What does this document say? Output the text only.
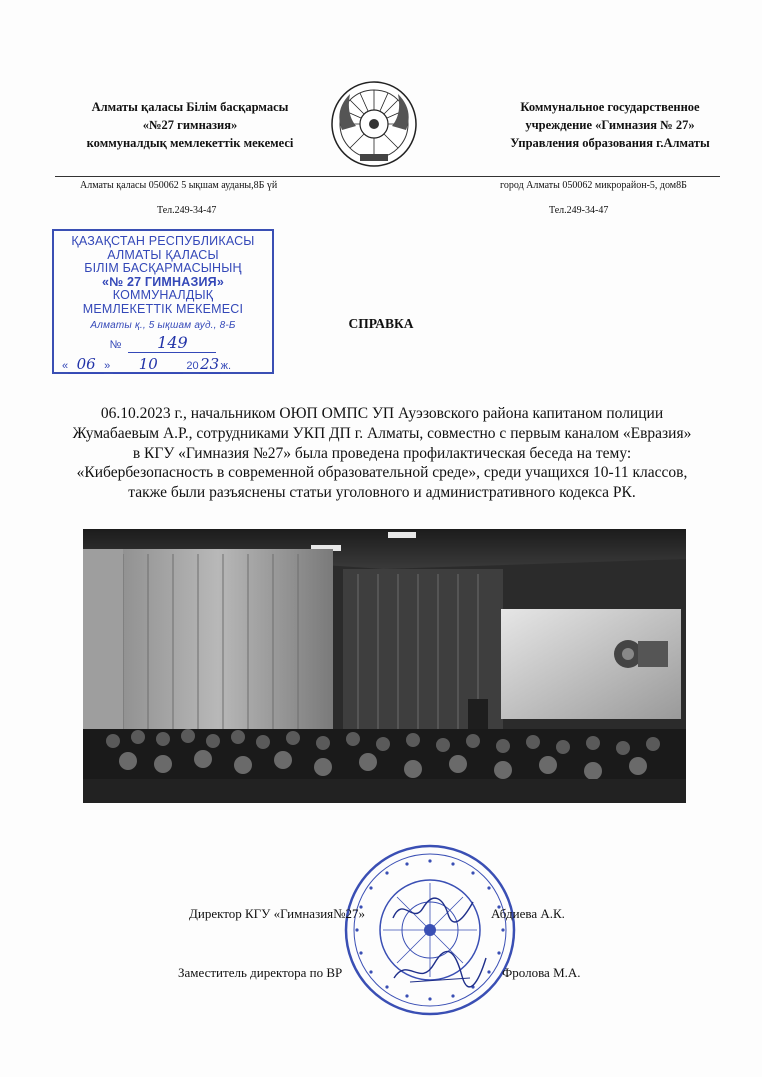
Алматы қаласы Білім басқармасы
«№27 гимназия»
коммуналдық мемлекеттік мекемесі
Коммунальное государственное
учреждение «Гимназия № 27»
Управления образования г.Алматы
Алматы қаласы 050062 5 ықшам ауданы,8Б үй	город Алматы 050062 микрорайон-5, дом8Б
Тел.249-34-47	Тел.249-34-47
ҚАЗАҚСТАН РЕСПУБЛИКАСЫ
АЛМАТЫ ҚАЛАСЫ
БІЛІМ БАСҚАРМАСЫНЫҢ
«№ 27 ГИМНАЗИЯ»
КОММУНАЛДЫҚ
МЕМЛЕКЕТТІК МЕКЕМЕСІ
Алматы қ., 5 ықшам ауд., 8-Б
№ 149
« 06 » 10	2023ж.
СПРАВКА
06.10.2023 г., начальником ОЮП ОМПС УП Ауэзовского района капитаном полиции
Жумабаевым А.Р., сотрудниками УКП ДП г. Алматы, совместно с первым каналом «Евразия»
в КГУ «Гимназия №27» была проведена профилактическая беседа на тему:
«Кибербезопасность в современной образовательной среде», среди учащихся 10-11 классов,
также были разъяснены статьи уголовного и административного кодекса РК.
Директор КГУ «Гимназия№27»	Абдиева А.К.
Заместитель директора по ВР	Фролова М.А.
